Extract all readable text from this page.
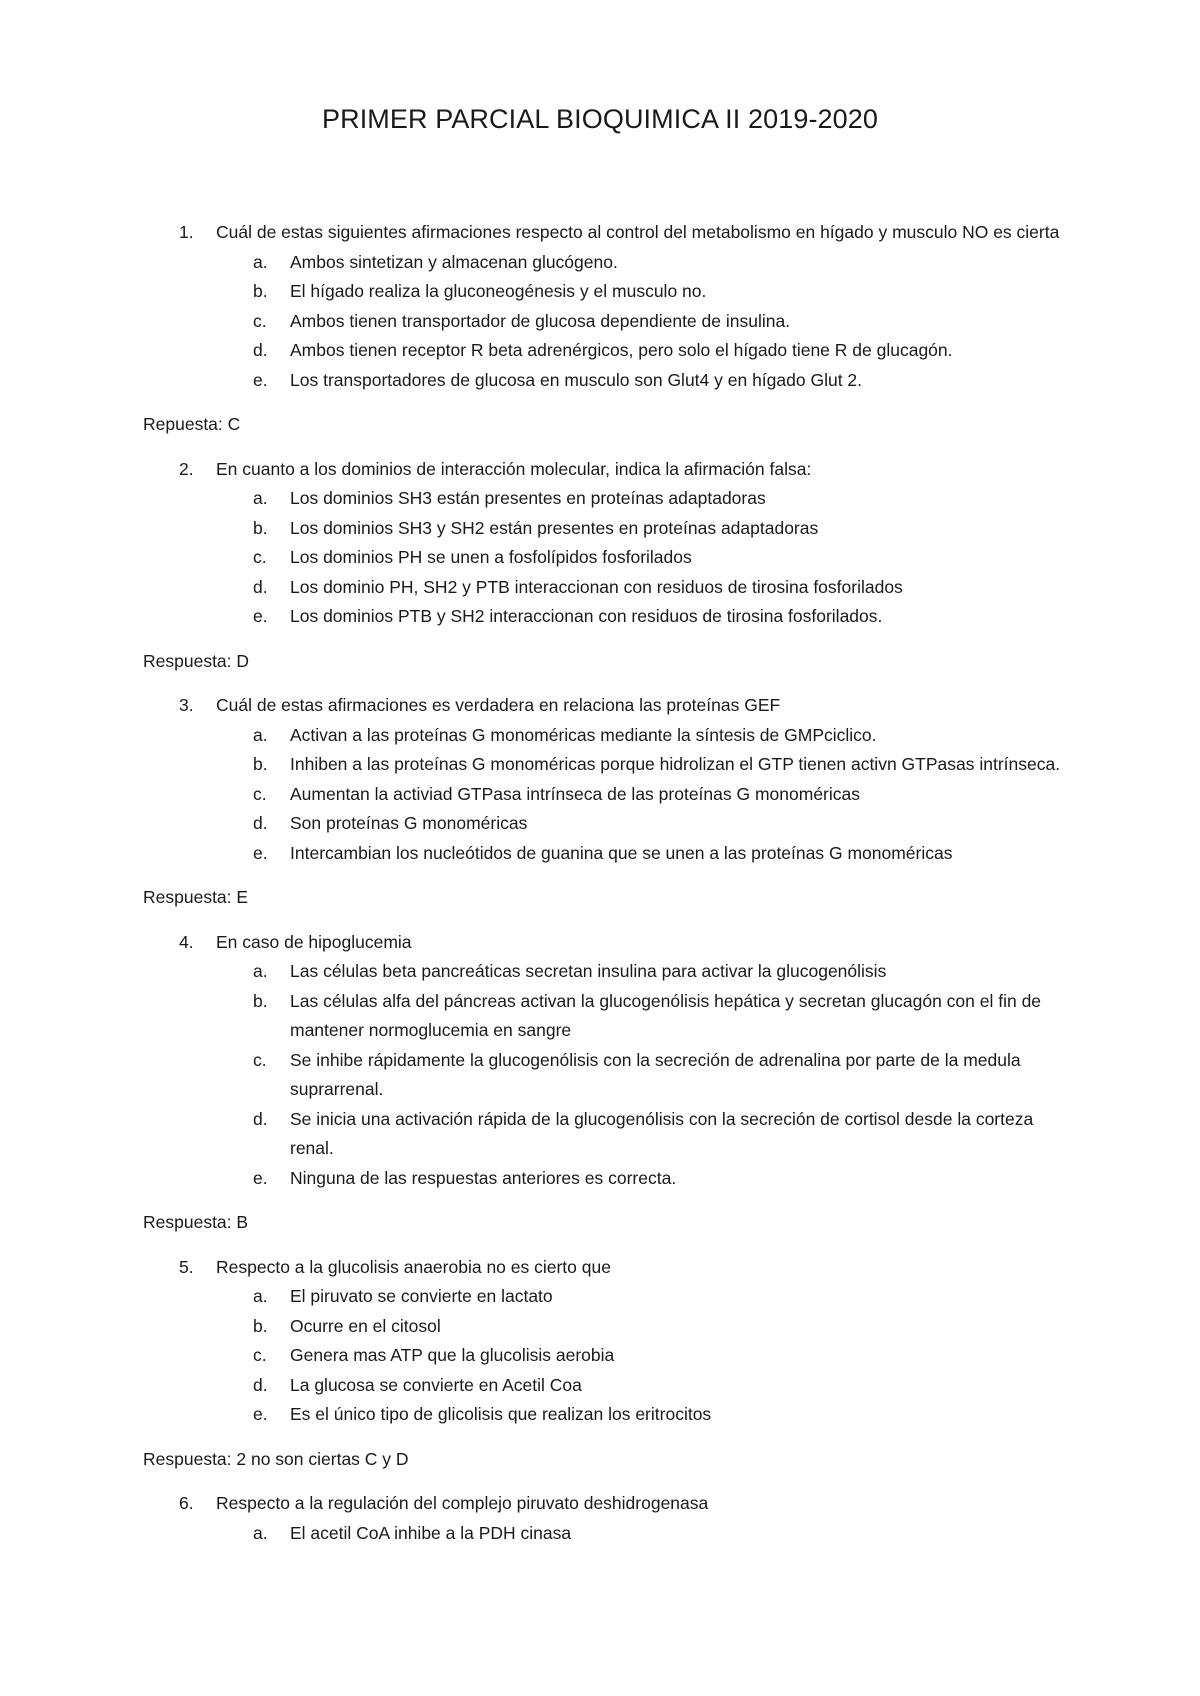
PRIMER PARCIAL BIOQUIMICA II 2019-2020
1.	Cuál de estas siguientes afirmaciones respecto al control del metabolismo en hígado y musculo NO es cierta
a.	Ambos sintetizan y almacenan glucógeno.
b.	El hígado realiza la gluconeogénesis y el musculo no.
c.	Ambos tienen transportador de glucosa dependiente de insulina.
d.	Ambos tienen receptor R beta adrenérgicos, pero solo el hígado tiene R de glucagón.
e.	Los transportadores de glucosa en musculo son Glut4 y en hígado Glut 2.

Repuesta: C

2.	En cuanto a los dominios de interacción molecular, indica la afirmación falsa:
a.	Los dominios SH3 están presentes en proteínas adaptadoras
b.	Los dominios SH3 y SH2 están presentes en proteínas adaptadoras
c.	Los dominios PH se unen a fosfolípidos fosforilados
d.	Los dominio PH, SH2 y PTB interaccionan con residuos de tirosina fosforilados
e.	Los dominios PTB y SH2 interaccionan con residuos de tirosina fosforilados.

Respuesta: D

3.	Cuál de estas afirmaciones es verdadera en relaciona las proteínas GEF
a.	Activan a las proteínas G monoméricas mediante la síntesis de GMPciclico.
b.	Inhiben a las proteínas G monoméricas porque hidrolizan el GTP tienen activn GTPasas intrínseca.
c.	Aumentan la activiad GTPasa intrínseca de las proteínas G monoméricas
d.	Son proteínas G monoméricas
e.	Intercambian los nucleótidos de guanina que se unen a las proteínas G monoméricas

Respuesta: E

4.	En caso de hipoglucemia
a.	Las células beta pancreáticas secretan insulina para activar la glucogenólisis
b.	Las células alfa del páncreas activan la glucogenólisis hepática y secretan glucagón con el fin de mantener normoglucemia en sangre
c.	Se inhibe rápidamente la glucogenólisis con la secreción de adrenalina por parte de la medula suprarrenal.
d.	Se inicia una activación rápida de la glucogenólisis con la secreción de cortisol desde la corteza renal.
e.	Ninguna de las respuestas anteriores es correcta.

Respuesta: B

5.	Respecto a la glucolisis anaerobia no es cierto que
a.	El piruvato se convierte en lactato
b.	Ocurre en el citosol
c.	Genera mas ATP que la glucolisis aerobia
d.	La glucosa se convierte en Acetil Coa
e.	Es el único tipo de glicolisis que realizan los eritrocitos

Respuesta: 2 no son ciertas C y D

6.	Respecto a la regulación del complejo piruvato deshidrogenasa
a.	El acetil CoA inhibe a la PDH cinasa
